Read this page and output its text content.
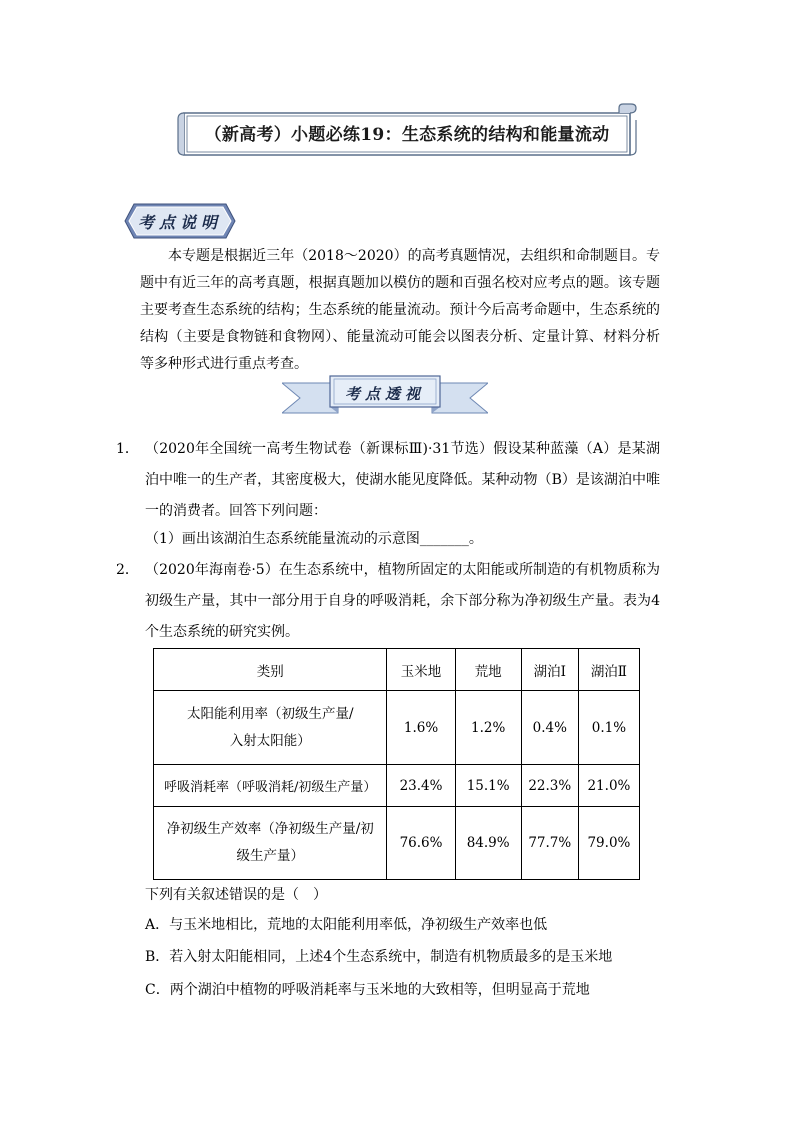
（新高考）小题必练19：生态系统的结构和能量流动
考点说明

本专题是根据近三年（2018～2020）的高考真题情况，去组织和命制题目。专题中有近三年的高考真题，根据真题加以模仿的题和百强名校对应考点的题。该专题主要考查生态系统的结构；生态系统的能量流动。预计今后高考命题中，生态系统的结构（主要是食物链和食物网）、能量流动可能会以图表分析、定量计算、材料分析等多种形式进行重点考查。

考点透视
1． （2020年全国统一高考生物试卷（新课标Ⅲ)·31节选）假设某种蓝藻（A）是某湖泊中唯一的生产者，其密度极大，使湖水能见度降低。某种动物（B）是该湖泊中唯一的消费者。回答下列问题：
（1）画出该湖泊生态系统能量流动的示意图_______。
2． （2020年海南卷·5）在生态系统中，植物所固定的太阳能或所制造的有机物质称为初级生产量，其中一部分用于自身的呼吸消耗，余下部分称为净初级生产量。表为4个生态系统的研究实例。
类别	玉米地	荒地	湖泊Ⅰ	湖泊Ⅱ
太阳能利用率（初级生产量/入射太阳能）	1.6%	1.2%	0.4%	0.1%
呼吸消耗率（呼吸消耗/初级生产量）	23.4%	15.1%	22.3%	21.0%
净初级生产效率（净初级生产量/初级生产量）	76.6%	84.9%	77.7%	79.0%
下列有关叙述错误的是（　）
A．与玉米地相比，荒地的太阳能利用率低，净初级生产效率也低
B．若入射太阳能相同，上述4个生态系统中，制造有机物质最多的是玉米地
C．两个湖泊中植物的呼吸消耗率与玉米地的大致相等，但明显高于荒地
